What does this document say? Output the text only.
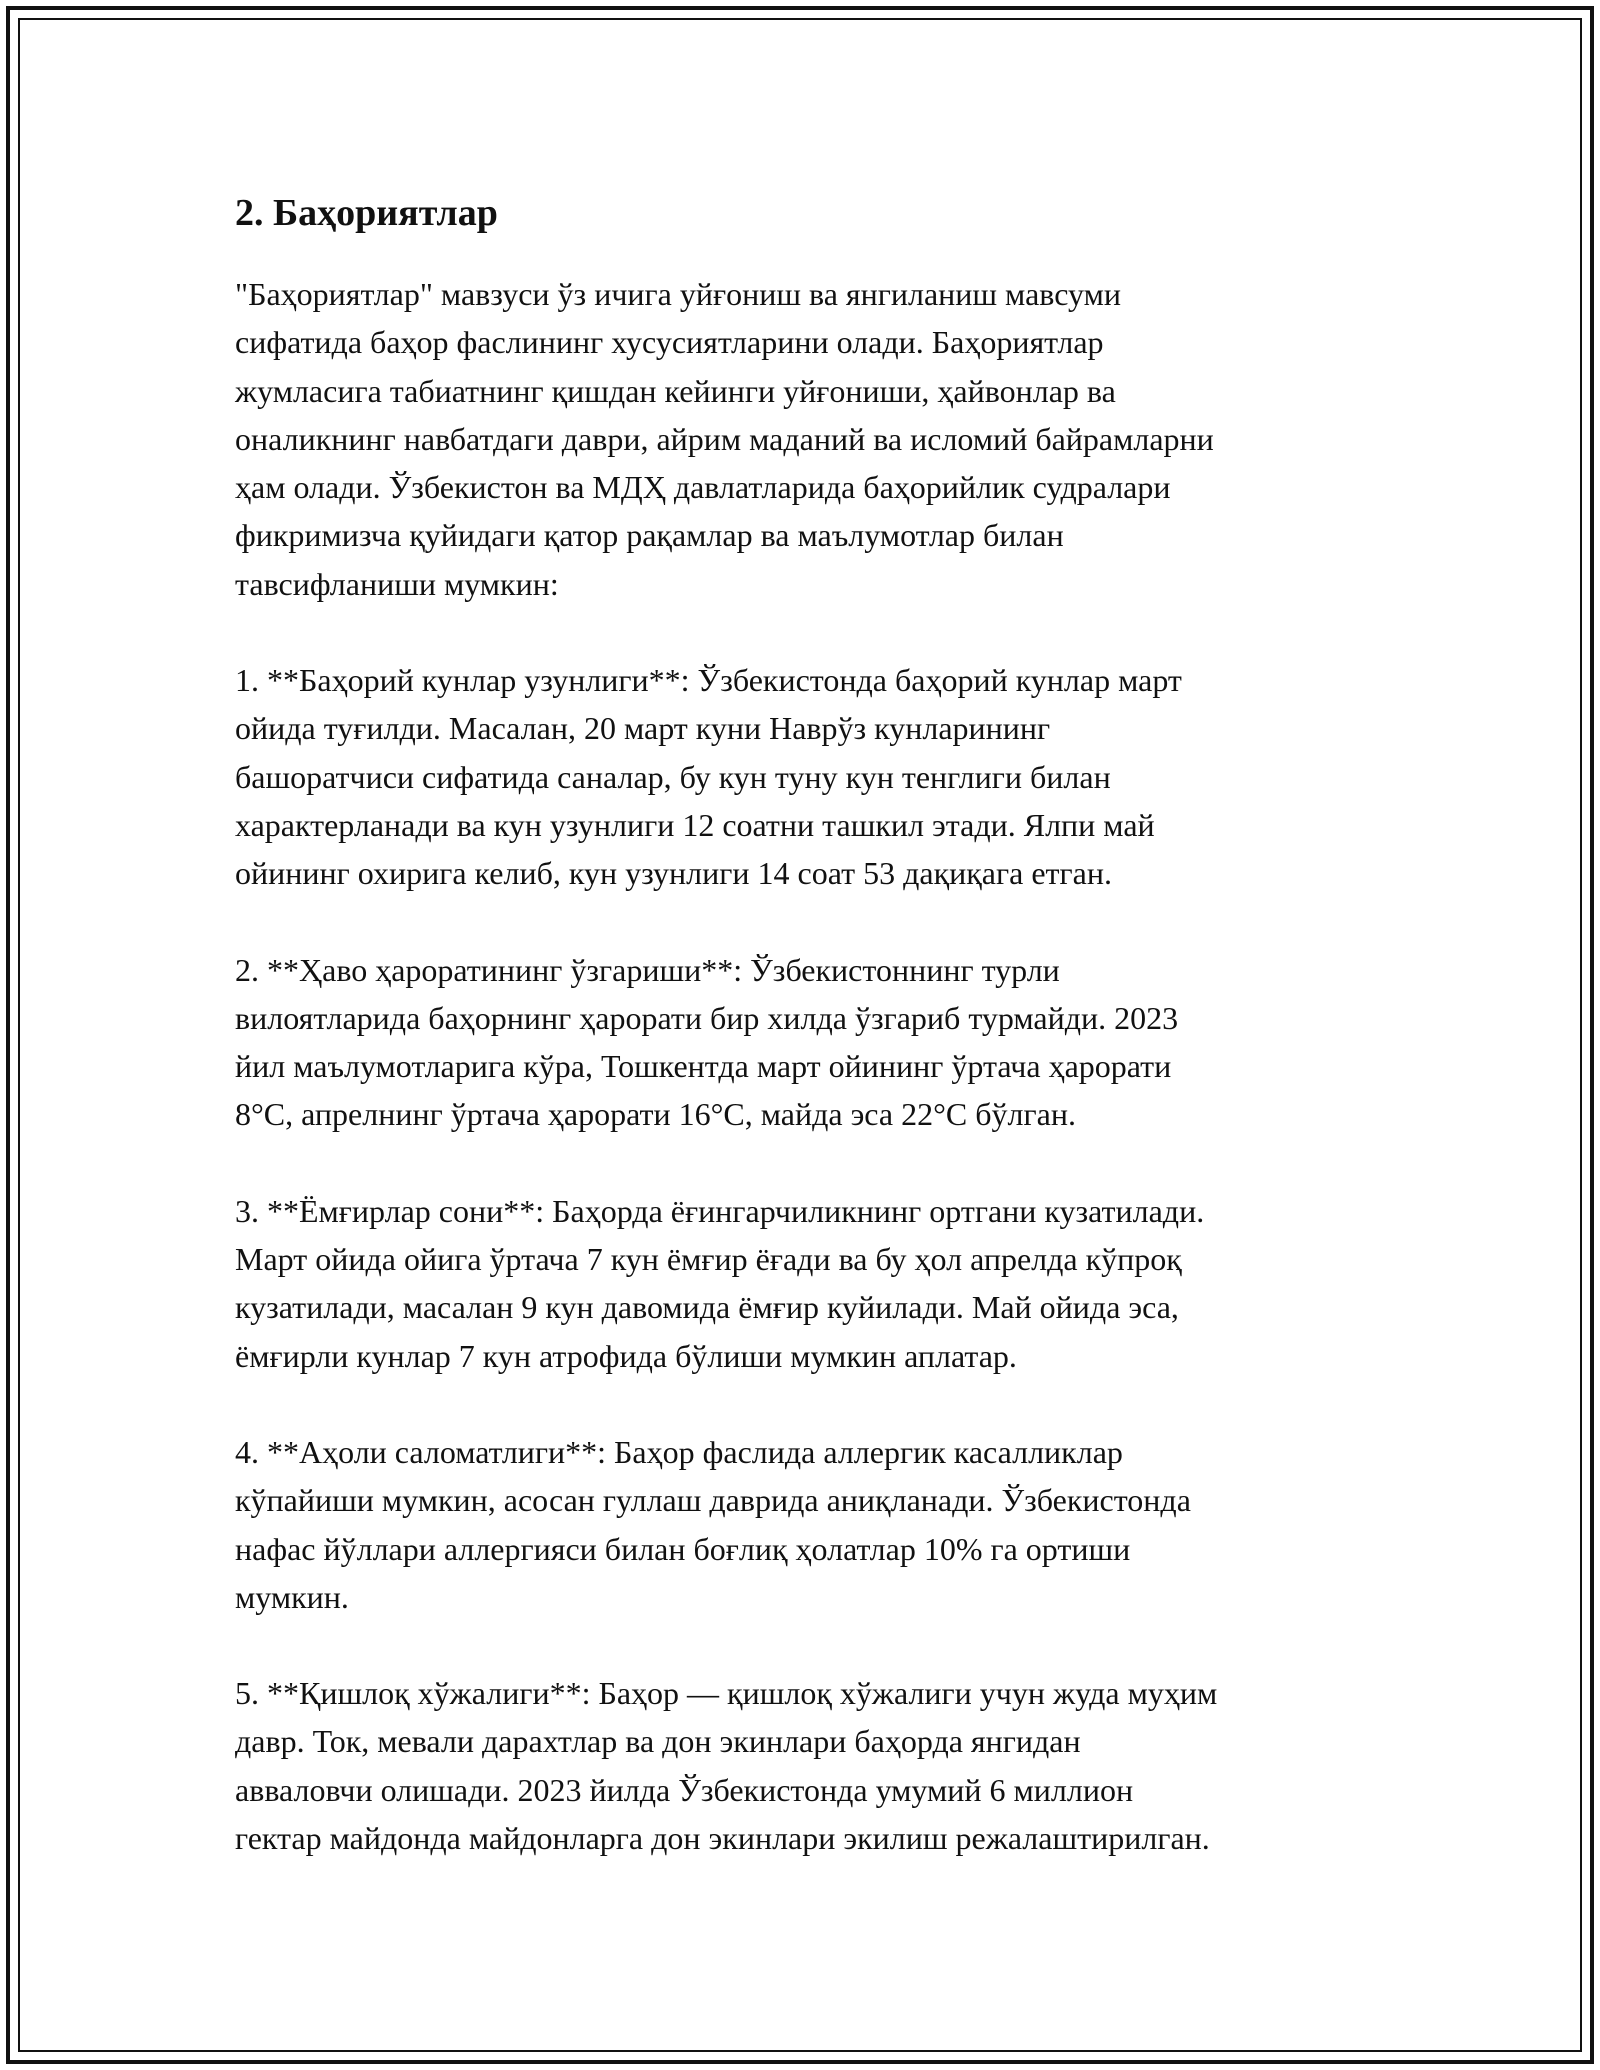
2. Баҳориятлар

"Баҳориятлар" мавзуси ўз ичига уйғониш ва янгиланиш мавсуми
сифатида баҳор фаслининг хусусиятларини олади. Баҳориятлар
жумласига табиатнинг қишдан кейинги уйғониши, ҳайвонлар ва
оналикнинг навбатдаги даври, айрим маданий ва исломий байрамларни
ҳам олади. Ўзбекистон ва МДҲ давлатларида баҳорийлик судралари
фикримизча қуйидаги қатор рақамлар ва маълумотлар билан
тавсифланиши мумкин:

1. **Баҳорий кунлар узунлиги**: Ўзбекистонда баҳорий кунлар март
ойида туғилди. Масалан, 20 март куни Наврўз кунларининг
башоратчиси сифатида саналар, бу кун туну кун тенглиги билан
характерланади ва кун узунлиги 12 соатни ташкил этади. Ялпи май
ойининг охирига келиб, кун узунлиги 14 соат 53 дақиқага етган.

2. **Ҳаво ҳароратининг ўзгариши**: Ўзбекистоннинг турли
вилоятларида баҳорнинг ҳарорати бир хилда ўзгариб турмайди. 2023
йил маълумотларига кўра, Тошкентда март ойининг ўртача ҳарорати
8°C, апрелнинг ўртача ҳарорати 16°C, майда эса 22°C бўлган.

3. **Ёмғирлар сони**: Баҳорда ёғингарчиликнинг ортгани кузатилади.
Март ойида ойига ўртача 7 кун ёмғир ёғади ва бу ҳол апрелда кўпроқ
кузатилади, масалан 9 кун давомида ёмғир куйилади. Май ойида эса,
ёмғирли кунлар 7 кун атрофида бўлиши мумкин аплатар.

4. **Аҳоли саломатлиги**: Баҳор фаслида аллергик касалликлар
кўпайиши мумкин, асосан гуллаш даврида аниқланади. Ўзбекистонда
нафас йўллари аллергияси билан боғлиқ ҳолатлар 10% га ортиши
мумкин.

5. **Қишлоқ хўжалиги**: Баҳор — қишлоқ хўжалиги учун жуда муҳим
давр. Ток, мевали дарахтлар ва дон экинлари баҳорда янгидан
авваловчи олишади. 2023 йилда Ўзбекистонда умумий 6 миллион
гектар майдонда майдонларга дон экинлари экилиш режалаштирилган.
